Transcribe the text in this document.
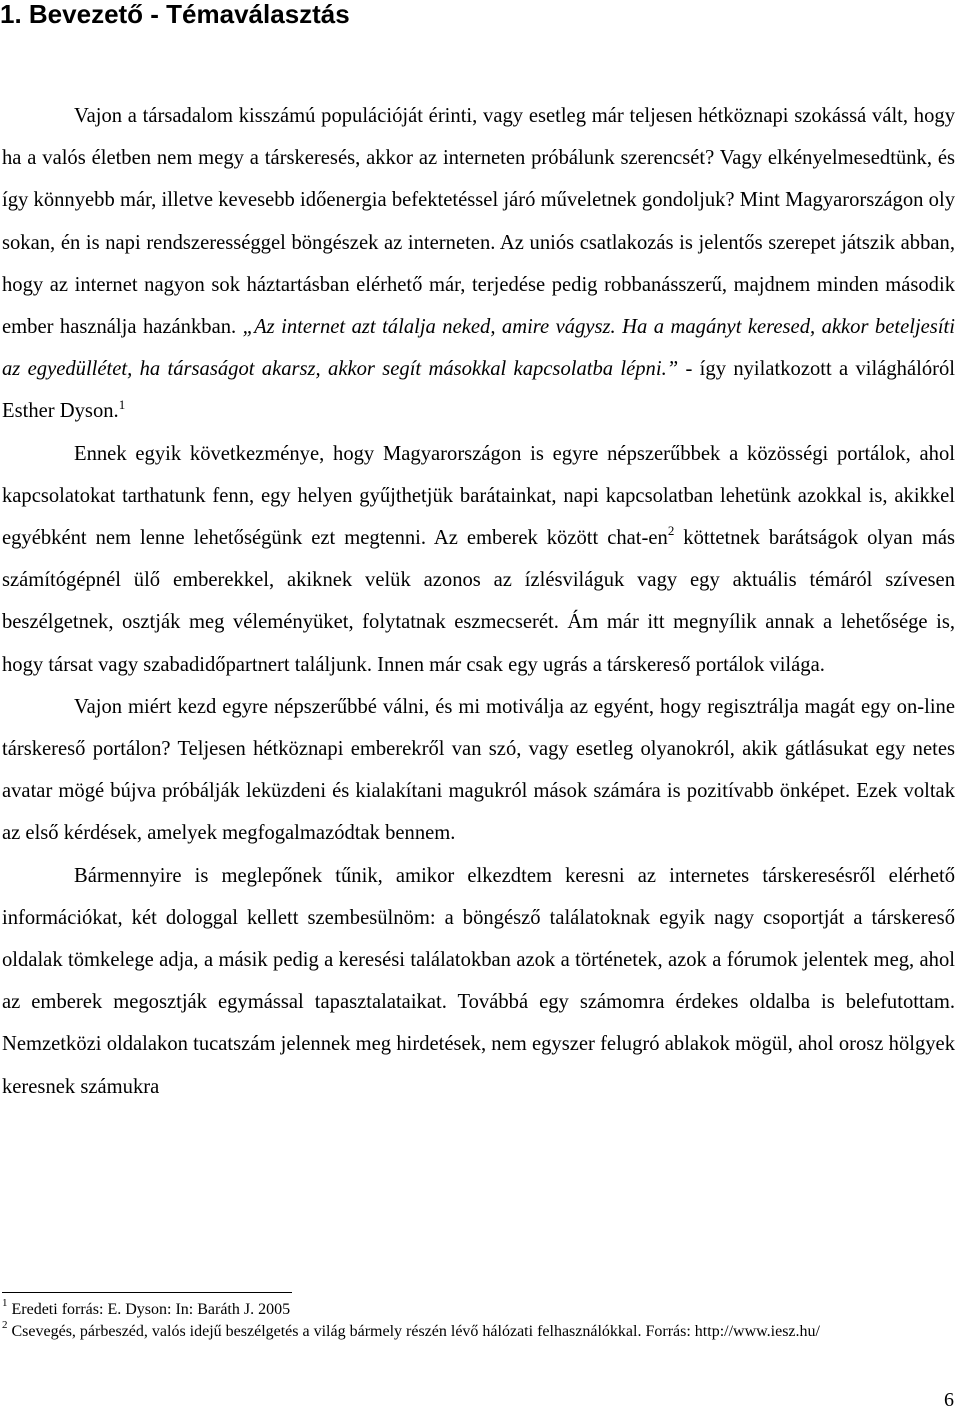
1. Bevezető - Témaválasztás

Vajon a társadalom kisszámú populációját érinti, vagy esetleg már teljesen hétköznapi szokássá vált, hogy ha a valós életben nem megy a társkeresés, akkor az interneten próbálunk szerencsét? Vagy elkényelmesedtünk, és így könnyebb már, illetve kevesebb időenergia befektetéssel járó műveletnek gondoljuk? Mint Magyarországon oly sokan, én is napi rendszerességgel böngészek az interneten. Az uniós csatlakozás is jelentős szerepet játszik abban, hogy az internet nagyon sok háztartásban elérhető már, terjedése pedig robbanásszerű, majdnem minden második ember használja hazánkban. „Az internet azt tálalja neked, amire vágysz. Ha a magányt keresed, akkor beteljesíti az egyedüllétet, ha társaságot akarsz, akkor segít másokkal kapcsolatba lépni.” - így nyilatkozott a világhálóról Esther Dyson.$^1$

Ennek egyik következménye, hogy Magyarországon is egyre népszerűbbek a közösségi portálok, ahol kapcsolatokat tarthatunk fenn, egy helyen gyűjthetjük barátainkat, napi kapcsolatban lehetünk azokkal is, akikkel egyébként nem lenne lehetőségünk ezt megtenni. Az emberek között chat-$en^2$ köttetnek barátságok olyan más számítógépnél ülő emberekkel, akiknek velük azonos az ízlésviláguk vagy egy aktuális témáról szívesen beszélgetnek, osztják meg véleményüket, folytatnak eszmecserét. Ám már itt megnyílik annak a lehetősége is, hogy társat vagy szabadidőpartnert találjunk. Innen már csak egy ugrás a társkereső portálok világa.

Vajon miért kezd egyre népszerűbbé válni, és mi motiválja az egyént, hogy regisztrálja magát egy on-line társkereső portálon? Teljesen hétköznapi emberekről van szó, vagy esetleg olyanokról, akik gátlásukat egy netes avatar mögé bújva próbálják leküzdeni és kialakítani magukról mások számára is pozitívabb önképet. Ezek voltak az első kérdések, amelyek megfogalmazódtak bennem.

Bármennyire is meglepőnek tűnik, amikor elkezdtem keresni az internetes társkeresésről elérhető információkat, két dologgal kellett szembesülnöm: a böngésző találatoknak egyik nagy csoportját a társkereső oldalak tömkelege adja, a másik pedig a keresési találatokban azok a történetek, azok a fórumok jelentek meg, ahol az emberek megosztják egymással tapasztalataikat. Továbbá egy számomra érdekes oldalba is belefutottam. Nemzetközi oldalakon tucatszám jelennek meg hirdetések, nem egyszer felugró ablakok mögül, ahol orosz hölgyek keresnek számukra

$^1$ Eredeti forrás: E. Dyson: In: Baráth J. 2005

$^2$ Csevegés, párbeszéd, valós idejű beszélgetés a világ bármely részén lévő hálózati felhasználókkal. Forrás: http://www.iesz.hu/

6
